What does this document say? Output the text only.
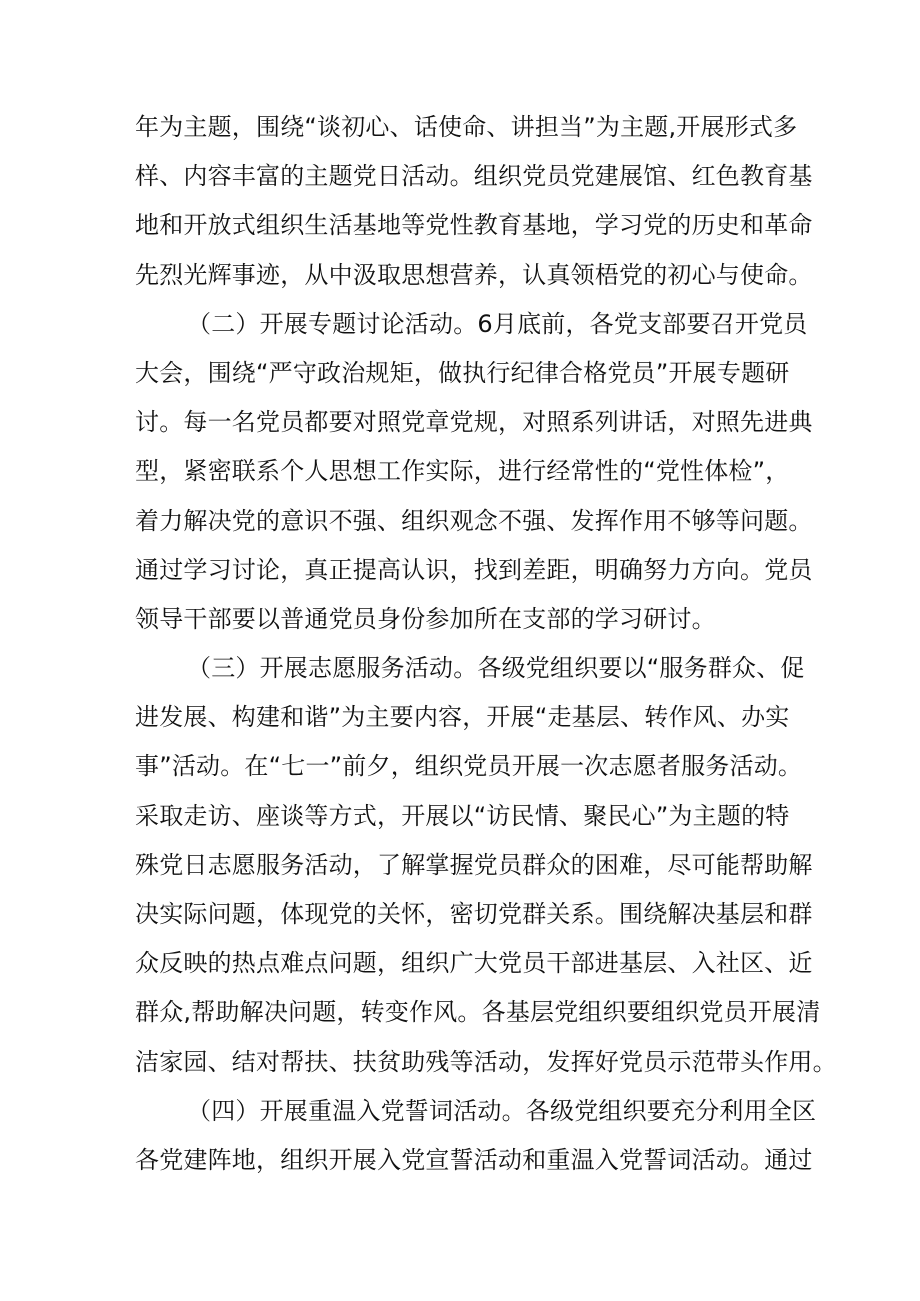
年为主题，围绕“谈初心、话使命、讲担当”为主题,开展形式多
样、内容丰富的主题党日活动。组织党员党建展馆、红色教育基
地和开放式组织生活基地等党性教育基地，学习党的历史和革命
先烈光辉事迹，从中汲取思想营养，认真领梧党的初心与使命。
（二）开展专题讨论活动。6月底前，各党支部要召开党员
大会，围绕“严守政治规矩，做执行纪律合格党员”开展专题研
讨。每一名党员都要对照党章党规，对照系列讲话，对照先进典
型，紧密联系个人思想工作实际，进行经常性的“党性体检”，
着力解决党的意识不强、组织观念不强、发挥作用不够等问题。
通过学习讨论，真正提高认识，找到差距，明确努力方向。党员
领导干部要以普通党员身份参加所在支部的学习研讨。
（三）开展志愿服务活动。各级党组织要以“服务群众、促
进发展、构建和谐”为主要内容，开展“走基层、转作风、办实
事”活动。在“七一”前夕，组织党员开展一次志愿者服务活动。
采取走访、座谈等方式，开展以“访民情、聚民心”为主题的特
殊党日志愿服务活动，了解掌握党员群众的困难，尽可能帮助解
决实际问题，体现党的关怀，密切党群关系。围绕解决基层和群
众反映的热点难点问题，组织广大党员干部进基层、入社区、近
群众,帮助解决问题，转变作风。各基层党组织要组织党员开展清
洁家园、结对帮扶、扶贫助残等活动，发挥好党员示范带头作用。
（四）开展重温入党誓词活动。各级党组织要充分利用全区
各党建阵地，组织开展入党宣誓活动和重温入党誓词活动。通过
